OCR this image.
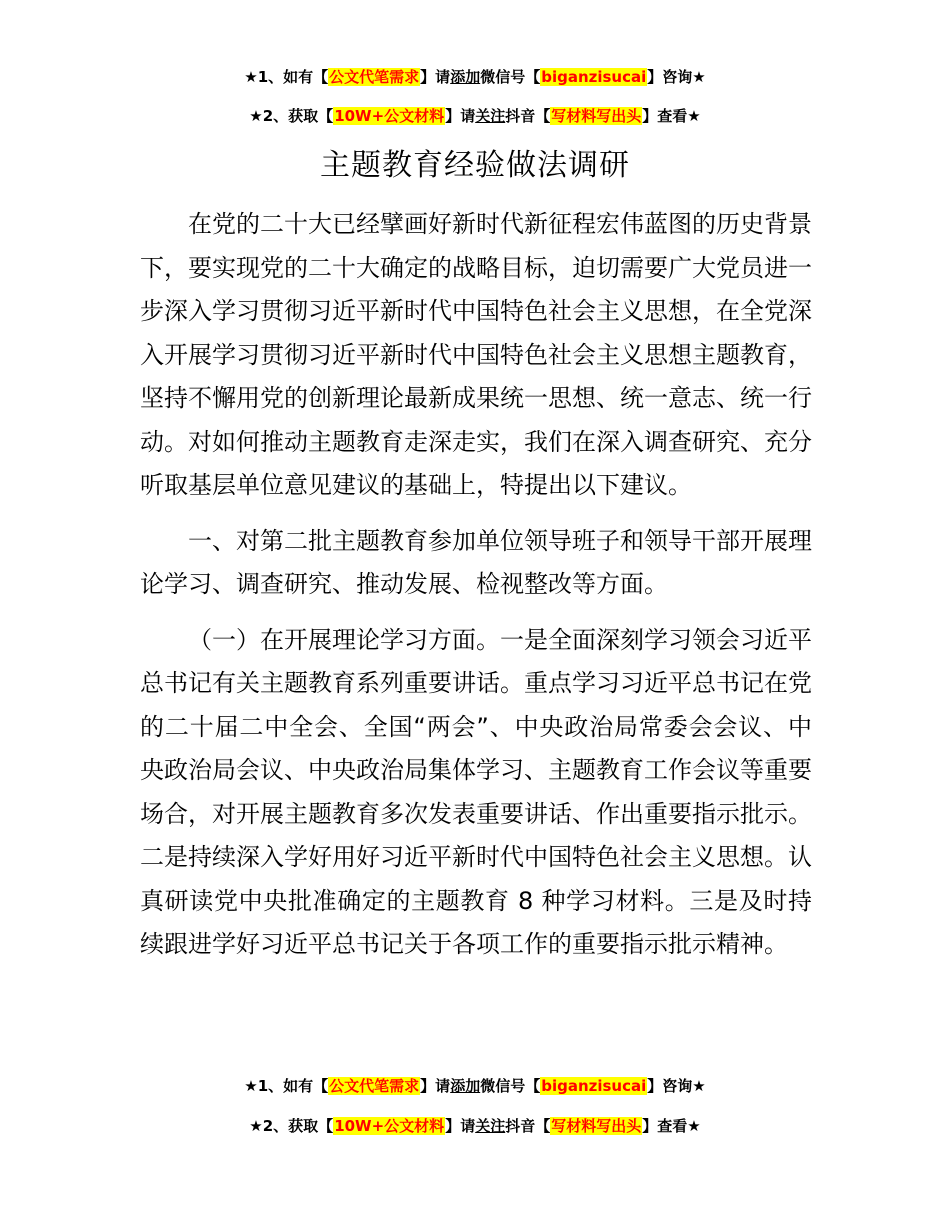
★1、如有【公文代笔需求】请添加微信号【biganzisucai】咨询★
★2、获取【10W+公文材料】请关注抖音【写材料写出头】查看★
主题教育经验做法调研

在党的二十大已经擘画好新时代新征程宏伟蓝图的历史背景下，要实现党的二十大确定的战略目标，迫切需要广大党员进一步深入学习贯彻习近平新时代中国特色社会主义思想，在全党深入开展学习贯彻习近平新时代中国特色社会主义思想主题教育，坚持不懈用党的创新理论最新成果统一思想、统一意志、统一行动。对如何推动主题教育走深走实，我们在深入调查研究、充分听取基层单位意见建议的基础上，特提出以下建议。

一、对第二批主题教育参加单位领导班子和领导干部开展理论学习、调查研究、推动发展、检视整改等方面。

（一）在开展理论学习方面。一是全面深刻学习领会习近平总书记有关主题教育系列重要讲话。重点学习习近平总书记在党的二十届二中全会、全国“两会”、中央政治局常委会会议、中央政治局会议、中央政治局集体学习、主题教育工作会议等重要场合，对开展主题教育多次发表重要讲话、作出重要指示批示。二是持续深入学好用好习近平新时代中国特色社会主义思想。认真研读党中央批准确定的主题教育 8 种学习材料。三是及时持续跟进学好习近平总书记关于各项工作的重要指示批示精神。

★1、如有【公文代笔需求】请添加微信号【biganzisucai】咨询★
★2、获取【10W+公文材料】请关注抖音【写材料写出头】查看★
